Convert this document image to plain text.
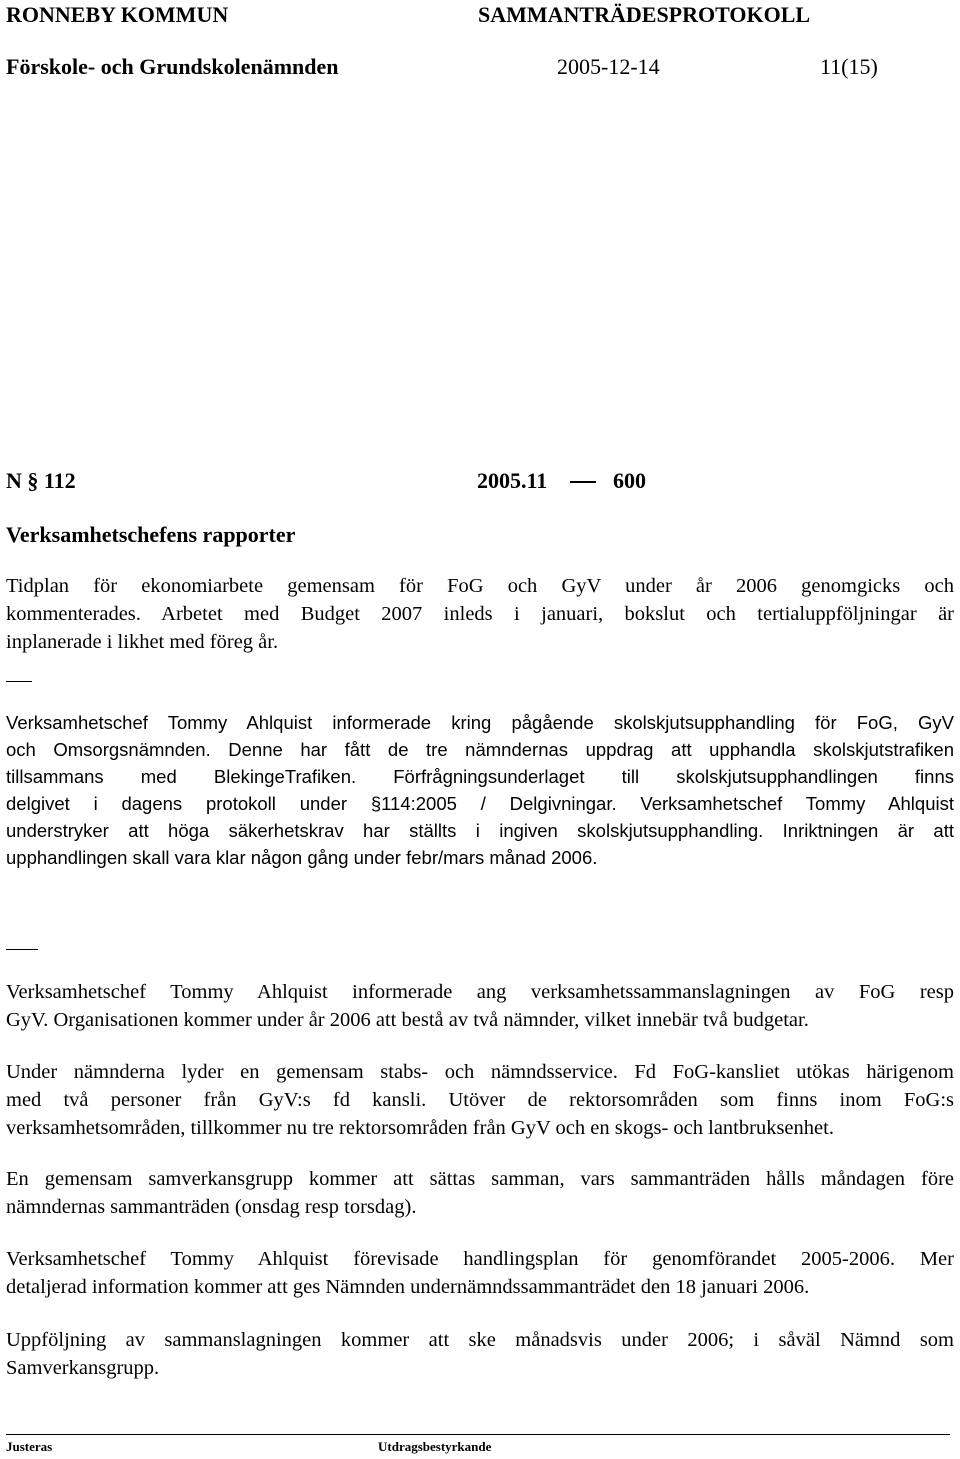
RONNEBY KOMMUN	SAMMANTRÄDESPROTOKOLL
Förskole- och Grundskolenämnden	2005-12-14	11(15)
N § 112	2005.11	600
Verksamhetschefens rapporter
Tidplan för ekonomiarbete gemensam för FoG och GyV under år 2006 genomgicks och
kommenterades. Arbetet med Budget 2007 inleds i januari, bokslut och tertialuppföljningar är
inplanerade i likhet med föreg år.
Verksamhetschef Tommy Ahlquist informerade kring pågående skolskjutsupphandling för FoG, GyV
och Omsorgsnämnden. Denne har fått de tre nämndernas uppdrag att upphandla skolskjutstrafiken
tillsammans med BlekingeTrafiken. Förfrågningsunderlaget till skolskjutsupphandlingen finns
delgivet i dagens protokoll under §114:2005 / Delgivningar. Verksamhetschef Tommy Ahlquist
understryker att höga säkerhetskrav har ställts i ingiven skolskjutsupphandling. Inriktningen är att
upphandlingen skall vara klar någon gång under febr/mars månad 2006.
Verksamhetschef Tommy Ahlquist informerade ang verksamhetssammanslagningen av FoG resp
GyV. Organisationen kommer under år 2006 att bestå av två nämnder, vilket innebär två budgetar.
Under nämnderna lyder en gemensam stabs- och nämndsservice. Fd FoG-kansliet utökas härigenom
med två personer från GyV:s fd kansli. Utöver de rektorsområden som finns inom FoG:s
verksamhetsområden, tillkommer nu tre rektorsområden från GyV och en skogs- och lantbruksenhet.
En gemensam samverkansgrupp kommer att sättas samman, vars sammanträden hålls måndagen före
nämndernas sammanträden (onsdag resp torsdag).
Verksamhetschef Tommy Ahlquist förevisade handlingsplan för genomförandet 2005-2006. Mer
detaljerad information kommer att ges Nämnden undernämndssammanträdet den 18 januari 2006.
Uppföljning av sammanslagningen kommer att ske månadsvis under 2006; i såväl Nämnd som
Samverkansgrupp.
Justeras	Utdragsbestyrkande
